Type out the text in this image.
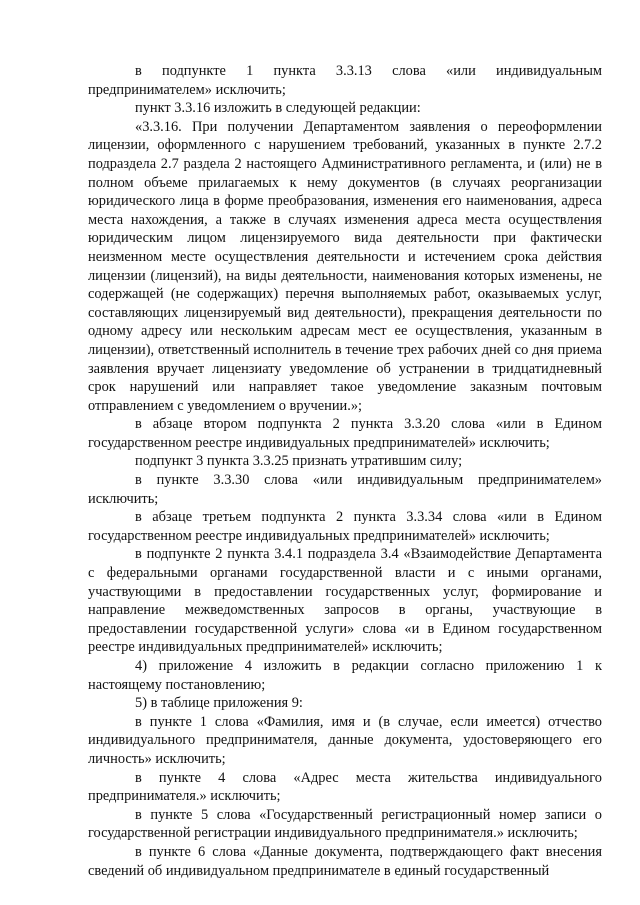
в подпункте 1 пункта 3.3.13 слова «или индивидуальным предпринимателем» исключить;

пункт 3.3.16 изложить в следующей редакции:

«3.3.16. При получении Департаментом заявления о переоформлении лицензии, оформленного с нарушением требований, указанных в пункте 2.7.2 подраздела 2.7 раздела 2 настоящего Административного регламента, и (или) не в полном объеме прилагаемых к нему документов (в случаях реорганизации юридического лица в форме преобразования, изменения его наименования, адреса места нахождения, а также в случаях изменения адреса места осуществления юридическим лицом лицензируемого вида деятельности при фактически неизменном месте осуществления деятельности и истечением срока действия лицензии (лицензий), на виды деятельности, наименования которых изменены, не содержащей (не содержащих) перечня выполняемых работ, оказываемых услуг, составляющих лицензируемый вид деятельности), прекращения деятельности по одному адресу или нескольким адресам мест ее осуществления, указанным в лицензии), ответственный исполнитель в течение трех рабочих дней со дня приема заявления вручает лицензиату уведомление об устранении в тридцатидневный срок нарушений или направляет такое уведомление заказным почтовым отправлением с уведомлением о вручении.»;

в абзаце втором подпункта 2 пункта 3.3.20 слова «или в Едином государственном реестре индивидуальных предпринимателей» исключить;

подпункт 3 пункта 3.3.25 признать утратившим силу;

в пункте 3.3.30 слова «или индивидуальным предпринимателем» исключить;

в абзаце третьем подпункта 2 пункта 3.3.34 слова «или в Едином государственном реестре индивидуальных предпринимателей» исключить;

в подпункте 2 пункта 3.4.1 подраздела 3.4 «Взаимодействие Департамента с федеральными органами государственной власти и с иными органами, участвующими в предоставлении государственных услуг, формирование и направление межведомственных запросов в органы, участвующие в предоставлении государственной услуги» слова «и в Едином государственном реестре индивидуальных предпринимателей» исключить;

4) приложение 4 изложить в редакции согласно приложению 1 к настоящему постановлению;

5) в таблице приложения 9:

в пункте 1 слова «Фамилия, имя и (в случае, если имеется) отчество индивидуального предпринимателя, данные документа, удостоверяющего его личность» исключить;

в пункте 4 слова «Адрес места жительства индивидуального предпринимателя.» исключить;

в пункте 5 слова «Государственный регистрационный номер записи о государственной регистрации индивидуального предпринимателя.» исключить;

в пункте 6 слова «Данные документа, подтверждающего факт внесения сведений об индивидуальном предпринимателе в единый государственный
